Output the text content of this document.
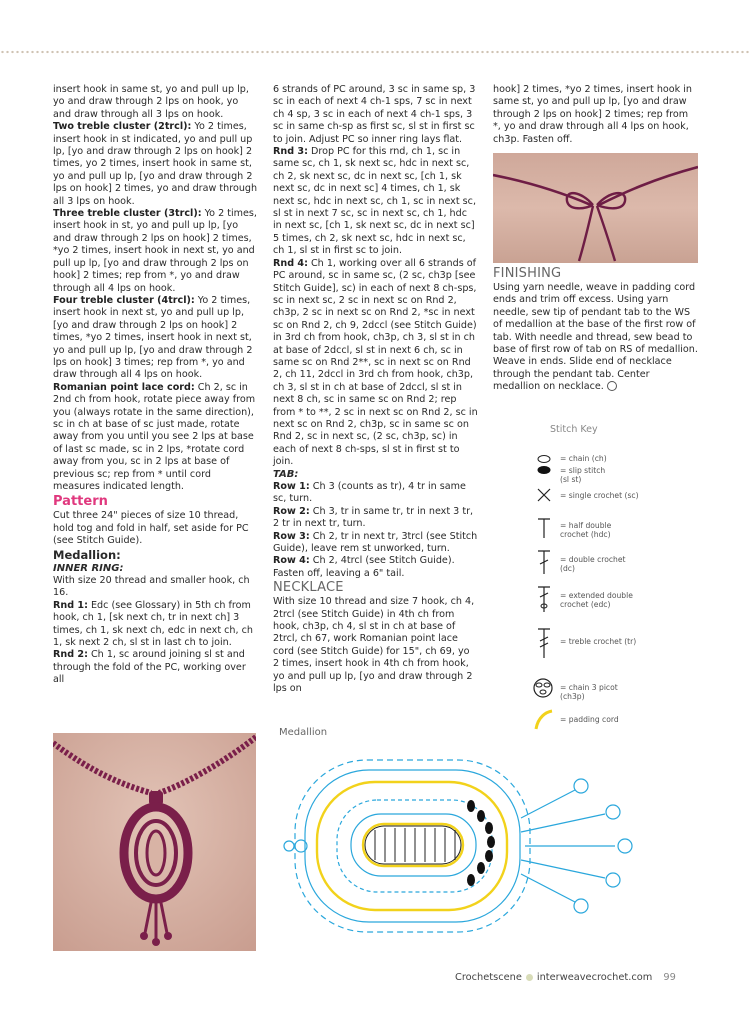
insert hook in same st, yo and pull up lp, yo and draw through 2 lps on hook, yo and draw through all 3 lps on hook.

Two treble cluster (2trcl): Yo 2 times, insert hook in st indicated, yo and pull up lp, [yo and draw through 2 lps on hook] 2 times, yo 2 times, insert hook in same st, yo and pull up lp, [yo and draw through 2 lps on hook] 2 times, yo and draw through all 3 lps on hook.

Three treble cluster (3trcl): Yo 2 times, insert hook in st, yo and pull up lp, [yo and draw through 2 lps on hook] 2 times, *yo 2 times, insert hook in next st, yo and pull up lp, [yo and draw through 2 lps on hook] 2 times; rep from *, yo and draw through all 4 lps on hook.

Four treble cluster (4trcl): Yo 2 times, insert hook in next st, yo and pull up lp, [yo and draw through 2 lps on hook] 2 times, *yo 2 times, insert hook in next st, yo and pull up lp, [yo and draw through 2 lps on hook] 3 times; rep from *, yo and draw through all 4 lps on hook.

Romanian point lace cord: Ch 2, sc in 2nd ch from hook, rotate piece away from you (always rotate in the same direction), sc in ch at base of sc just made, rotate away from you until you see 2 lps at base of last sc made, sc in 2 lps, *rotate cord away from you, sc in 2 lps at base of previous sc; rep from * until cord measures indicated length.

Pattern

Cut three 24" pieces of size 10 thread, hold tog and fold in half, set aside for PC (see Stitch Guide).

Medallion:

INNER RING:

With size 20 thread and smaller hook, ch 16.

Rnd 1: Edc (see Glossary) in 5th ch from hook, ch 1, [sk next ch, tr in next ch] 3 times, ch 1, sk next ch, edc in next ch, ch 1, sk next 2 ch, sl st in last ch to join.

Rnd 2: Ch 1, sc around joining sl st and through the fold of the PC, working over all

6 strands of PC around, 3 sc in same sp, 3 sc in each of next 4 ch-1 sps, 7 sc in next ch 4 sp, 3 sc in each of next 4 ch-1 sps, 3 sc in same ch-sp as first sc, sl st in first sc to join. Adjust PC so inner ring lays flat.

Rnd 3: Drop PC for this rnd, ch 1, sc in same sc, ch 1, sk next sc, hdc in next sc, ch 2, sk next sc, dc in next sc, [ch 1, sk next sc, dc in next sc] 4 times, ch 1, sk next sc, hdc in next sc, ch 1, sc in next sc, sl st in next 7 sc, sc in next sc, ch 1, hdc in next sc, [ch 1, sk next sc, dc in next sc] 5 times, ch 2, sk next sc, hdc in next sc, ch 1, sl st in first sc to join.

Rnd 4: Ch 1, working over all 6 strands of PC around, sc in same sc, (2 sc, ch3p [see Stitch Guide], sc) in each of next 8 ch-sps, sc in next sc, 2 sc in next sc on Rnd 2, ch3p, 2 sc in next sc on Rnd 2, *sc in next sc on Rnd 2, ch 9, 2dccl (see Stitch Guide) in 3rd ch from hook, ch3p, ch 3, sl st in ch at base of 2dccl, sl st in next 6 ch, sc in same sc on Rnd 2**, sc in next sc on Rnd 2, ch 11, 2dccl in 3rd ch from hook, ch3p, ch 3, sl st in ch at base of 2dccl, sl st in next 8 ch, sc in same sc on Rnd 2; rep from * to **, 2 sc in next sc on Rnd 2, sc in next sc on Rnd 2, ch3p, sc in same sc on Rnd 2, sc in next sc, (2 sc, ch3p, sc) in each of next 8 ch-sps, sl st in first st to join.

TAB:

Row 1: Ch 3 (counts as tr), 4 tr in same sc, turn.

Row 2: Ch 3, tr in same tr, tr in next 3 tr, 2 tr in next tr, turn.

Row 3: Ch 2, tr in next tr, 3trcl (see Stitch Guide), leave rem st unworked, turn.

Row 4: Ch 2, 4trcl (see Stitch Guide). Fasten off, leaving a 6" tail.

NECKLACE

With size 10 thread and size 7 hook, ch 4, 2trcl (see Stitch Guide) in 4th ch from hook, ch3p, ch 4, sl st in ch at base of 2trcl, ch 67, work Romanian point lace cord (see Stitch Guide) for 15", ch 69, yo 2 times, insert hook in 4th ch from hook, yo and pull up lp, [yo and draw through 2 lps on

hook] 2 times, *yo 2 times, insert hook in same st, yo and pull up lp, [yo and draw through 2 lps on hook] 2 times; rep from *, yo and draw through all 4 lps on hook, ch3p. Fasten off.

FINISHING

Using yarn needle, weave in padding cord ends and trim off excess. Using yarn needle, sew tip of pendant tab to the WS of medallion at the base of the first row of tab. With needle and thread, sew bead to base of first row of tab on RS of medallion. Weave in ends. Slide end of necklace through the pendant tab. Center medallion on necklace.

Stitch Key
= chain (ch)
= slip stitch (sl st)
= single crochet (sc)
= half double crochet (hdc)
= double crochet (dc)
= extended double crochet (edc)
= treble crochet (tr)
= chain 3 picot (ch3p)
= padding cord
Medallion
Crochetscene interweavecrochet.com 99
